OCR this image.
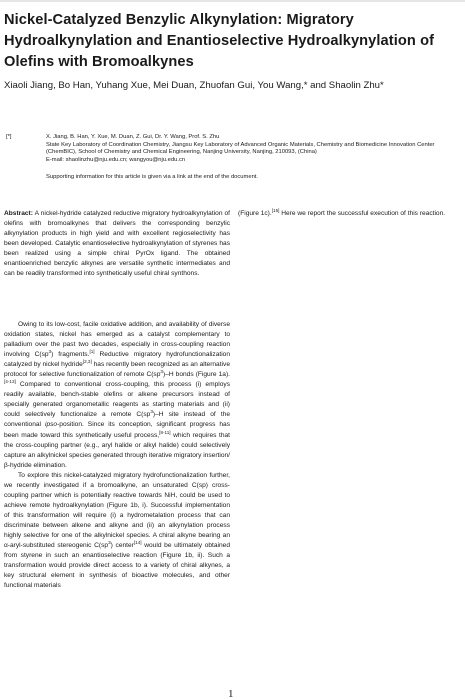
Nickel-Catalyzed Benzylic Alkynylation: Migratory Hydroalkynylation and Enantioselective Hydroalkynylation of Olefins with Bromoalkynes
Xiaoli Jiang, Bo Han, Yuhang Xue, Mei Duan, Zhuofan Gui, You Wang,* and Shaolin Zhu*
[*]	X. Jiang, B. Han, Y. Xue, M. Duan, Z. Gui, Dr. Y. Wang, Prof. S. Zhu

State Key Laboratory of Coordination Chemistry, Jiangsu Key Laboratory of Advanced Organic Materials, Chemistry and Biomedicine Innovation Center (ChemBIC), School of Chemistry and Chemical Engineering, Nanjing University, Nanjing, 210093, (China)

E-mail: shaolinzhu@nju.edu.cn; wangyou@nju.edu.cn

Supporting information for this article is given via a link at the end of the document.
Abstract: A nickel-hydride catalyzed reductive migratory hydroalkynylation of olefins with bromoalkynes that delivers the corresponding benzylic alkynylation products in high yield and with excellent regioselectivity has been developed. Catalytic enantioselective hydroalkynylation of styrenes has been realized using a simple chiral PyrOx ligand. The obtained enantioenriched benzylic alkynes are versatile synthetic intermediates and can be readily transformed into synthetically useful chiral synthons.
(Figure 1c).[15] Here we report the successful execution of this reaction.

Owing to its low-cost, facile oxidative addition, and availability of diverse oxidation states, nickel has emerged as a catalyst complementary to palladium over the past two decades, especially in cross-coupling reaction involving $C(sp^3)$ fragments.[1] Reductive migratory hydrofunctionalization catalyzed by nickel hydride[2,3] has recently been recognized as an alternative protocol for selective functionalization of remote $C(sp^3)-H$ bonds (Figure 1a).[4-13] Compared to conventional cross-coupling, this process (i) employs readily available, bench-stable olefins or alkene precursors instead of specially generated organometallic reagents as starting materials and (ii) could selectively functionalize a remote $C(sp^3)-H$ site instead of the conventional ipso-position. Since its conception, significant progress has been made toward this synthetically useful process,[8-11] which requires that the cross-coupling partner (e.g., aryl halide or alkyl halide) could selectively capture an alkylnickel species generated through iterative migratory insertion/β-hydride elimination.

To explore this nickel-catalyzed migratory hydrofunctionalization further, we recently investigated if a bromoalkyne, an unsaturated C(sp) cross-coupling partner which is potentially reactive towards NiH, could be used to achieve remote hydroalkynylation (Figure 1b, i). Successful implementation of this transformation will require (i) a hydrometalation process that can discriminate between alkene and alkyne and (ii) an alkynylation process highly selective for one of the alkylnickel species. A chiral alkyne bearing an α-aryl-substituted stereogenic $C(sp^3)$ center[14] would be ultimately obtained from styrene in such an enantioselective reaction (Figure 1b, ii). Such a transformation would provide direct access to a variety of chiral alkynes, a key structural element in synthesis of bioactive molecules, and other functional materials

1
